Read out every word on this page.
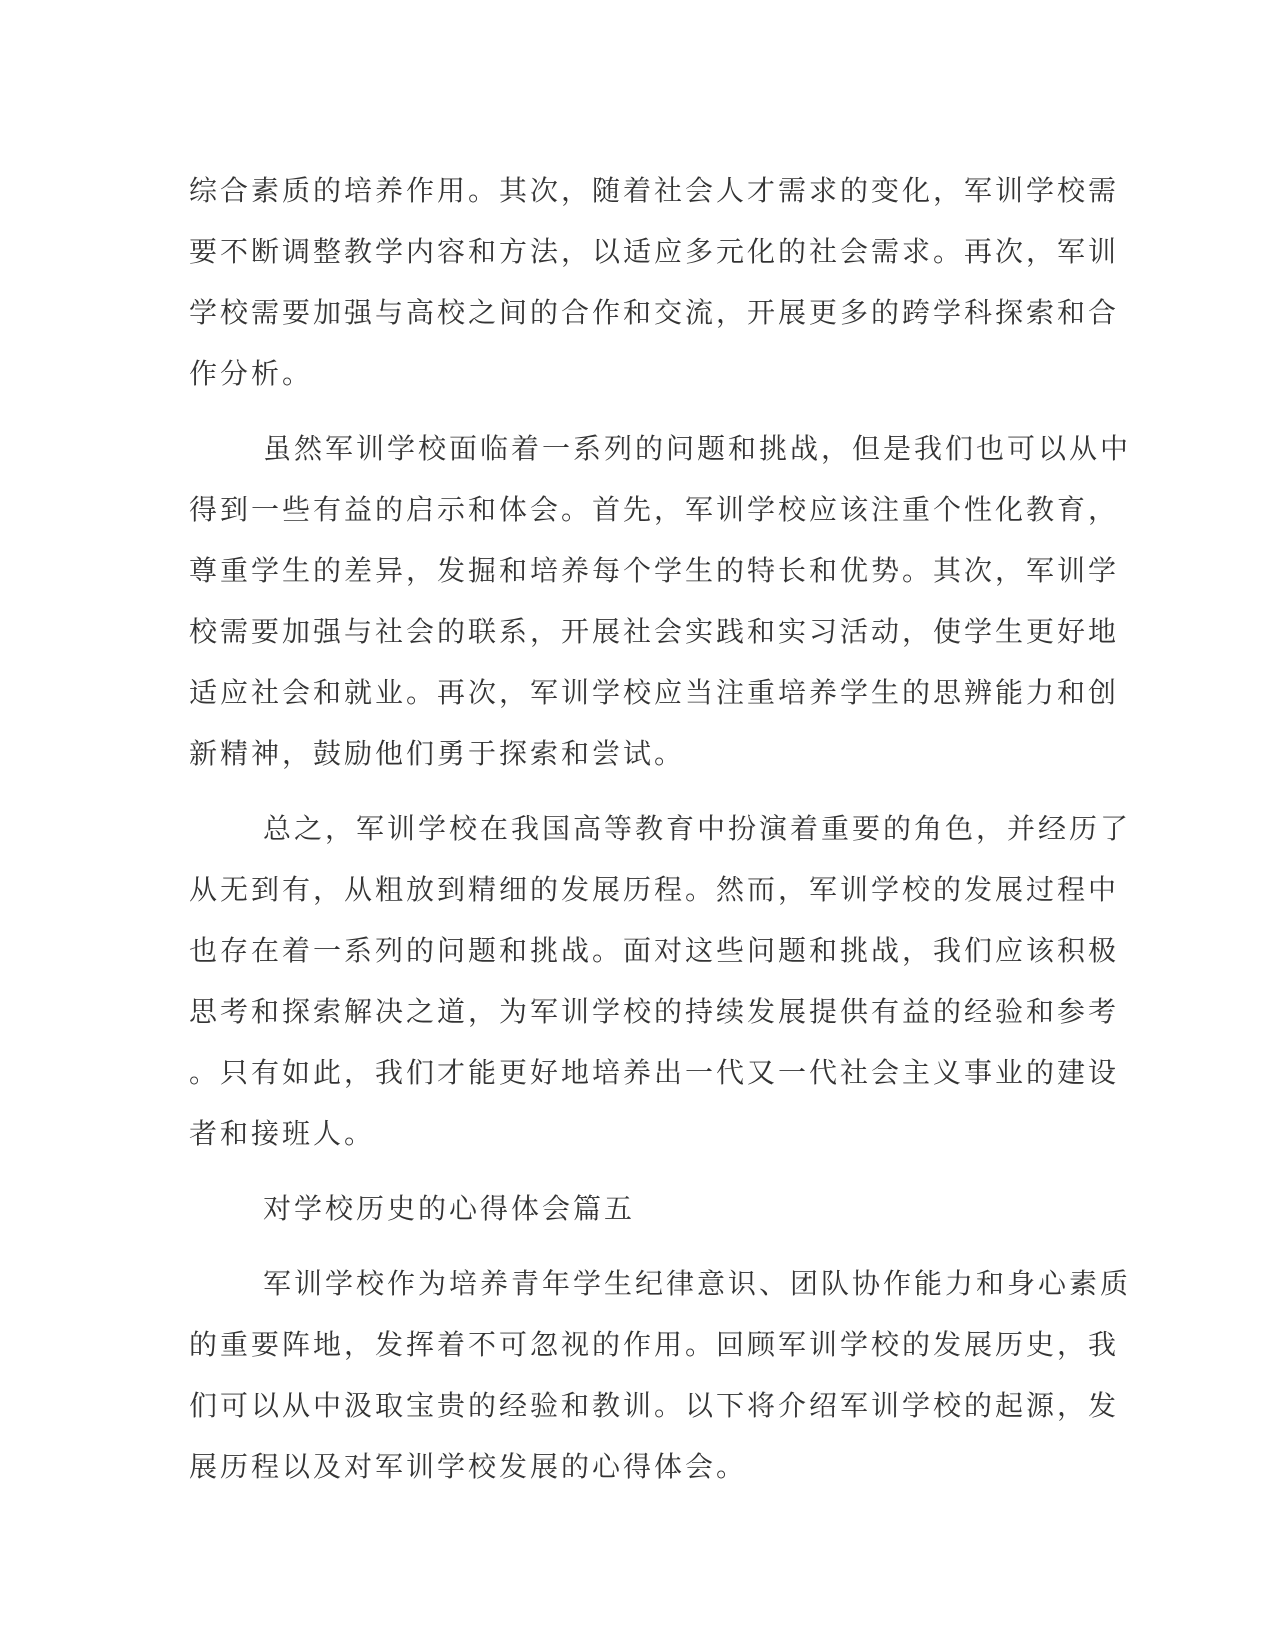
综合素质的培养作用。其次，随着社会人才需求的变化，军训学校需
要不断调整教学内容和方法，以适应多元化的社会需求。再次，军训
学校需要加强与高校之间的合作和交流，开展更多的跨学科探索和合
作分析。
虽然军训学校面临着一系列的问题和挑战，但是我们也可以从中
得到一些有益的启示和体会。首先，军训学校应该注重个性化教育，
尊重学生的差异，发掘和培养每个学生的特长和优势。其次，军训学
校需要加强与社会的联系，开展社会实践和实习活动，使学生更好地
适应社会和就业。再次，军训学校应当注重培养学生的思辨能力和创
新精神，鼓励他们勇于探索和尝试。
总之，军训学校在我国高等教育中扮演着重要的角色，并经历了
从无到有，从粗放到精细的发展历程。然而，军训学校的发展过程中
也存在着一系列的问题和挑战。面对这些问题和挑战，我们应该积极
思考和探索解决之道，为军训学校的持续发展提供有益的经验和参考
。只有如此，我们才能更好地培养出一代又一代社会主义事业的建设
者和接班人。
对学校历史的心得体会篇五
军训学校作为培养青年学生纪律意识、团队协作能力和身心素质
的重要阵地，发挥着不可忽视的作用。回顾军训学校的发展历史，我
们可以从中汲取宝贵的经验和教训。以下将介绍军训学校的起源，发
展历程以及对军训学校发展的心得体会。
